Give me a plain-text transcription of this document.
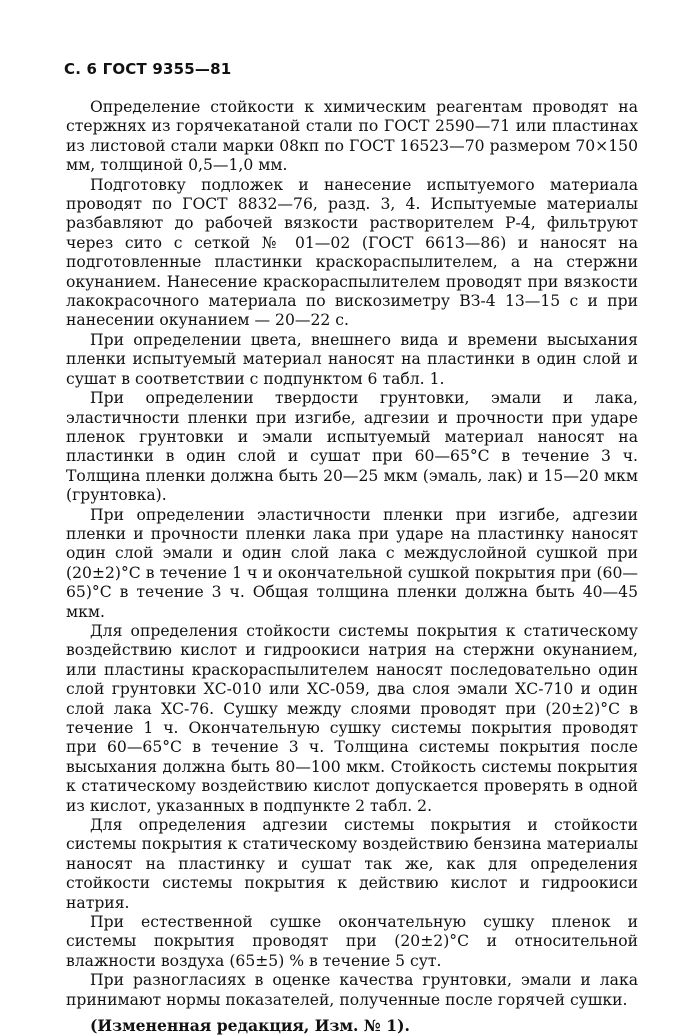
С. 6 ГОСТ 9355—81

Определение стойкости к химическим реагентам проводят на стержнях из горячекатаной стали по ГОСТ 2590—71 или пластинах из листовой стали марки 08кп по ГОСТ 16523—70 размером 70×150 мм, толщиной 0,5—1,0 мм.

Подготовку подложек и нанесение испытуемого материала проводят по ГОСТ 8832—76, разд. 3, 4. Испытуемые материалы разбавляют до рабочей вязкости растворителем Р-4, фильтруют через сито с сеткой № 01—02 (ГОСТ 6613—86) и наносят на подготовленные пластинки краскораспылителем, а на стержни окунанием. Нанесение краскораспылителем проводят при вязкости лакокрасочного материала по вискозиметру ВЗ-4 13—15 с и при нанесении окунанием — 20—22 с.

При определении цвета, внешнего вида и времени высыхания пленки испытуемый материал наносят на пластинки в один слой и сушат в соответствии с подпунктом 6 табл. 1.

При определении твердости грунтовки, эмали и лака, эластичности пленки при изгибе, адгезии и прочности при ударе пленок грунтовки и эмали испытуемый материал наносят на пластинки в один слой и сушат при 60—65°С в течение 3 ч. Толщина пленки должна быть 20—25 мкм (эмаль, лак) и 15—20 мкм (грунтовка).

При определении эластичности пленки при изгибе, адгезии пленки и прочности пленки лака при ударе на пластинку наносят один слой эмали и один слой лака с междуслойной сушкой при (20±2)°С в течение 1 ч и окончательной сушкой покрытия при (60—65)°С в течение 3 ч. Общая толщина пленки должна быть 40—45 мкм.

Для определения стойкости системы покрытия к статическому воздействию кислот и гидроокиси натрия на стержни окунанием, или пластины краскораспылителем наносят последовательно один слой грунтовки ХС-010 или ХС-059, два слоя эмали ХС-710 и один слой лака ХС-76. Сушку между слоями проводят при (20±2)°С в течение 1 ч. Окончательную сушку системы покрытия проводят при 60—65°С в течение 3 ч. Толщина системы покрытия после высыхания должна быть 80—100 мкм. Стойкость системы покрытия к статическому воздействию кислот допускается проверять в одной из кислот, указанных в подпункте 2 табл. 2.

Для определения адгезии системы покрытия и стойкости системы покрытия к статическому воздействию бензина материалы наносят на пластинку и сушат так же, как для определения стойкости системы покрытия к действию кислот и гидроокиси натрия.

При естественной сушке окончательную сушку пленок и системы покрытия проводят при (20±2)°С и относительной влажности воздуха (65±5) % в течение 5 сут.

При разногласиях в оценке качества грунтовки, эмали и лака принимают нормы показателей, полученные после горячей сушки.

(Измененная редакция, Изм. № 1).
